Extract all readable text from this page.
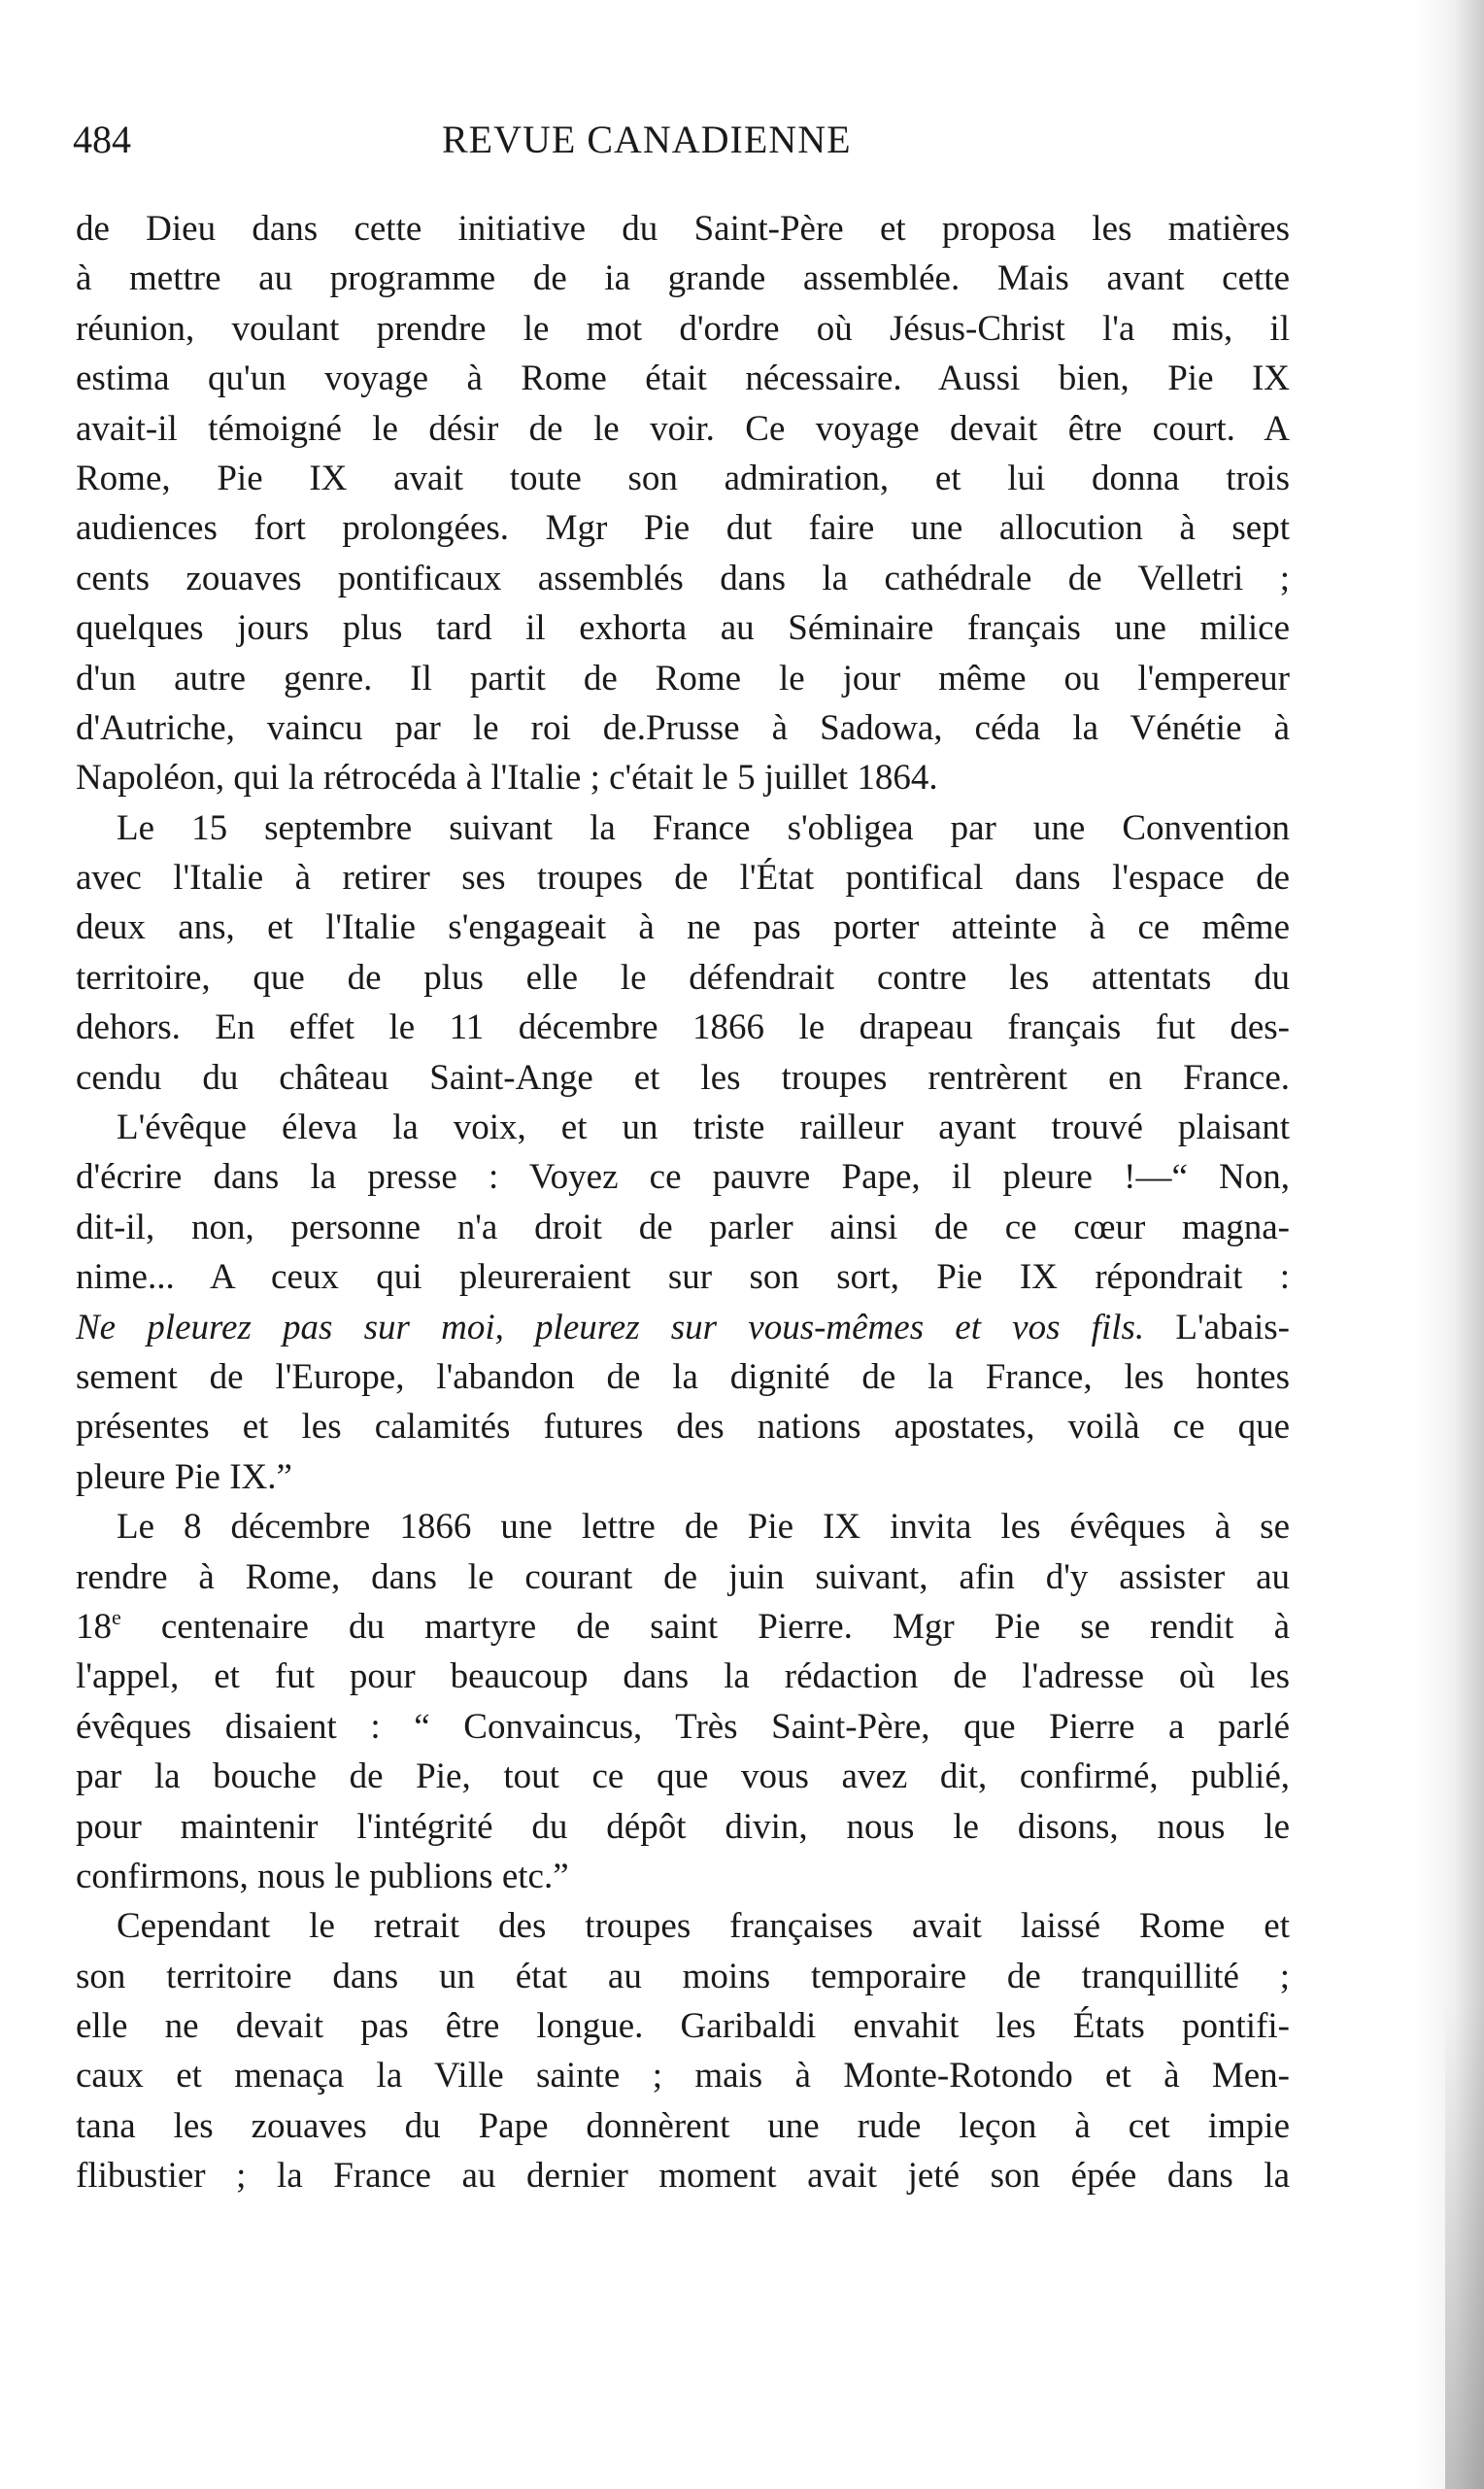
484	REVUE CANADIENNE
de Dieu dans cette initiative du Saint-Père et proposa les matières
à mettre au programme de ia grande assemblée. Mais avant cette
réunion, voulant prendre le mot d'ordre où Jésus-Christ l'a mis, il
estima qu'un voyage à Rome était nécessaire. Aussi bien, Pie IX
avait-il témoigné le désir de le voir. Ce voyage devait être court. A
Rome, Pie IX avait toute son admiration, et lui donna trois
audiences fort prolongées. Mgr Pie dut faire une allocution à sept
cents zouaves pontificaux assemblés dans la cathédrale de Velletri ;
quelques jours plus tard il exhorta au Séminaire français une milice
d'un autre genre. Il partit de Rome le jour même ou l'empereur
d'Autriche, vaincu par le roi de.Prusse à Sadowa, céda la Vénétie à
Napoléon, qui la rétrocéda à l'Italie ; c'était le 5 juillet 1864.
Le 15 septembre suivant la France s'obligea par une Convention
avec l'Italie à retirer ses troupes de l'État pontifical dans l'espace de
deux ans, et l'Italie s'engageait à ne pas porter atteinte à ce même
territoire, que de plus elle le défendrait contre les attentats du
dehors. En effet le 11 décembre 1866 le drapeau français fut des-
cendu du château Saint-Ange et les troupes rentrèrent en France.
L'évêque éleva la voix, et un triste railleur ayant trouvé plaisant
d'écrire dans la presse : Voyez ce pauvre Pape, il pleure !—“ Non,
dit-il, non, personne n'a droit de parler ainsi de ce cœur magna-
nime... A ceux qui pleureraient sur son sort, Pie IX répondrait :
Ne pleurez pas sur moi, pleurez sur vous-mêmes et vos fils. L'abais-
sement de l'Europe, l'abandon de la dignité de la France, les hontes
présentes et les calamités futures des nations apostates, voilà ce que
pleure Pie IX.”
Le 8 décembre 1866 une lettre de Pie IX invita les évêques à se
rendre à Rome, dans le courant de juin suivant, afin d'y assister au
18e centenaire du martyre de saint Pierre. Mgr Pie se rendit à
l'appel, et fut pour beaucoup dans la rédaction de l'adresse où les
évêques disaient : “ Convaincus, Très Saint-Père, que Pierre a parlé
par la bouche de Pie, tout ce que vous avez dit, confirmé, publié,
pour maintenir l'intégrité du dépôt divin, nous le disons, nous le
confirmons, nous le publions etc.”
Cependant le retrait des troupes françaises avait laissé Rome et
son territoire dans un état au moins temporaire de tranquillité ;
elle ne devait pas être longue. Garibaldi envahit les États pontifi-
caux et menaça la Ville sainte ; mais à Monte-Rotondo et à Men-
tana les zouaves du Pape donnèrent une rude leçon à cet impie
flibustier ; la France au dernier moment avait jeté son épée dans la
